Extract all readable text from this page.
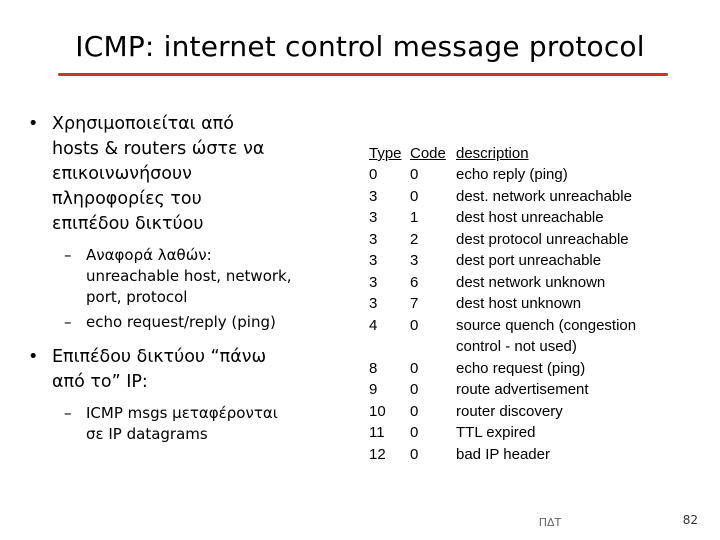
ICMP: internet control message protocol
• Χρησιμοποιείται από
hosts & routers ώστε να
επικοινωνήσουν
πληροφορίες του
επιπέδου δικτύου
– Αναφορά λαθών:
unreachable host, network,
port, protocol
– echo request/reply (ping)
• Επιπέδου δικτύου “πάνω
από το” IP:
– ICMP msgs μεταφέρονται
σε IP datagrams
Type Code description
0	0	echo reply (ping)
3	0	dest. network unreachable
3	1	dest host unreachable
3	2	dest protocol unreachable
3	3	dest port unreachable
3	6	dest network unknown
3	7	dest host unknown
4	0	source quench (congestion
control - not used)
8	0	echo request (ping)
9	0	route advertisement
10	0	router discovery
11	0	TTL expired
12	0	bad IP header
ΠΔΤ	82
